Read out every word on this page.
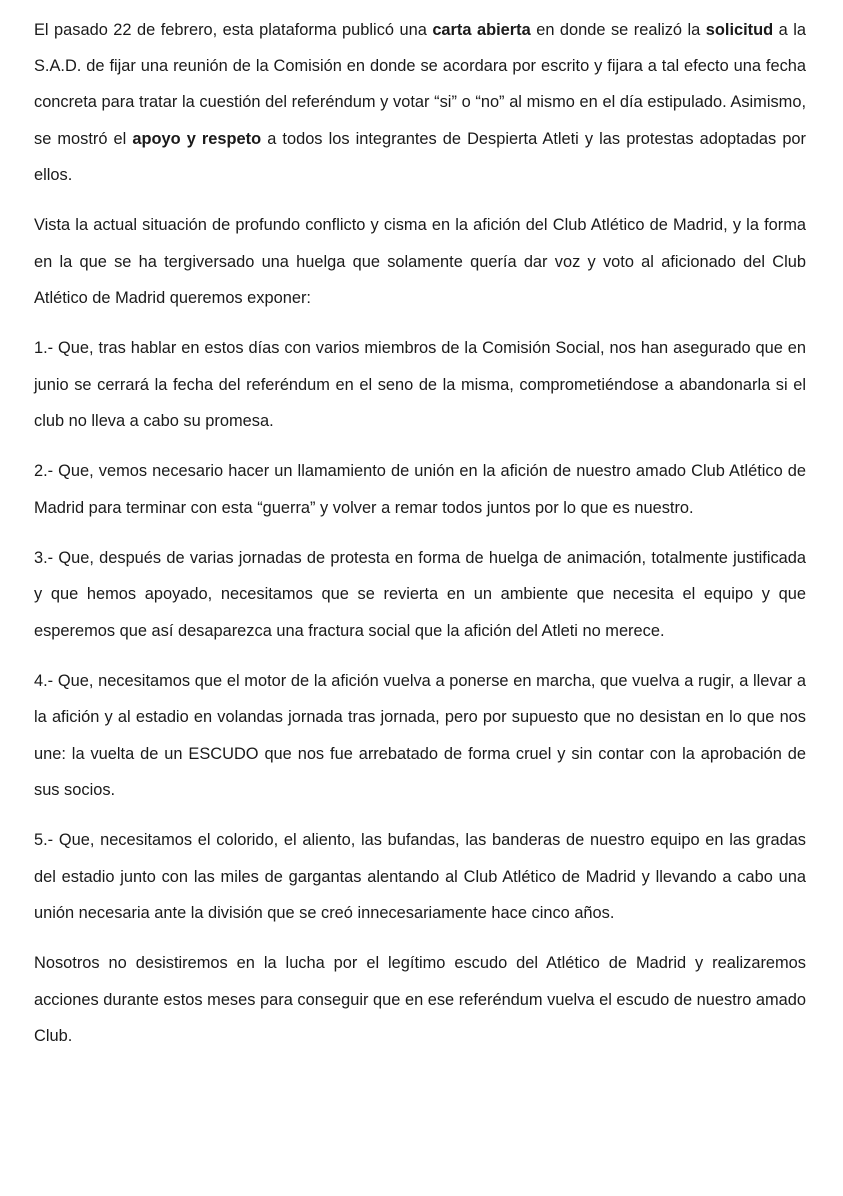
El pasado 22 de febrero, esta plataforma publicó una carta abierta en donde se realizó la solicitud a la S.A.D. de fijar una reunión de la Comisión en donde se acordara por escrito y fijara a tal efecto una fecha concreta para tratar la cuestión del referéndum y votar “si” o “no” al mismo en el día estipulado. Asimismo, se mostró el apoyo y respeto a todos los integrantes de Despierta Atleti y las protestas adoptadas por ellos.

Vista la actual situación de profundo conflicto y cisma en la afición del Club Atlético de Madrid, y la forma en la que se ha tergiversado una huelga que solamente quería dar voz y voto al aficionado del Club Atlético de Madrid queremos exponer:

1.- Que, tras hablar en estos días con varios miembros de la Comisión Social, nos han asegurado que en junio se cerrará la fecha del referéndum en el seno de la misma, comprometiéndose a abandonarla si el club no lleva a cabo su promesa.

2.- Que, vemos necesario hacer un llamamiento de unión en la afición de nuestro amado Club Atlético de Madrid para terminar con esta “guerra” y volver a remar todos juntos por lo que es nuestro.

3.- Que, después de varias jornadas de protesta en forma de huelga de animación, totalmente justificada y que hemos apoyado, necesitamos que se revierta en un ambiente que necesita el equipo y que esperemos que así desaparezca una fractura social que la afición del Atleti no merece.

4.- Que, necesitamos que el motor de la afición vuelva a ponerse en marcha, que vuelva a rugir, a llevar a la afición y al estadio en volandas jornada tras jornada, pero por supuesto que no desistan en lo que nos une: la vuelta de un ESCUDO que nos fue arrebatado de forma cruel y sin contar con la aprobación de sus socios.

5.- Que, necesitamos el colorido, el aliento, las bufandas, las banderas de nuestro equipo en las gradas del estadio junto con las miles de gargantas alentando al Club Atlético de Madrid y llevando a cabo una unión necesaria ante la división que se creó innecesariamente hace cinco años.

Nosotros no desistiremos en la lucha por el legítimo escudo del Atlético de Madrid y realizaremos acciones durante estos meses para conseguir que en ese referéndum vuelva el escudo de nuestro amado Club.
